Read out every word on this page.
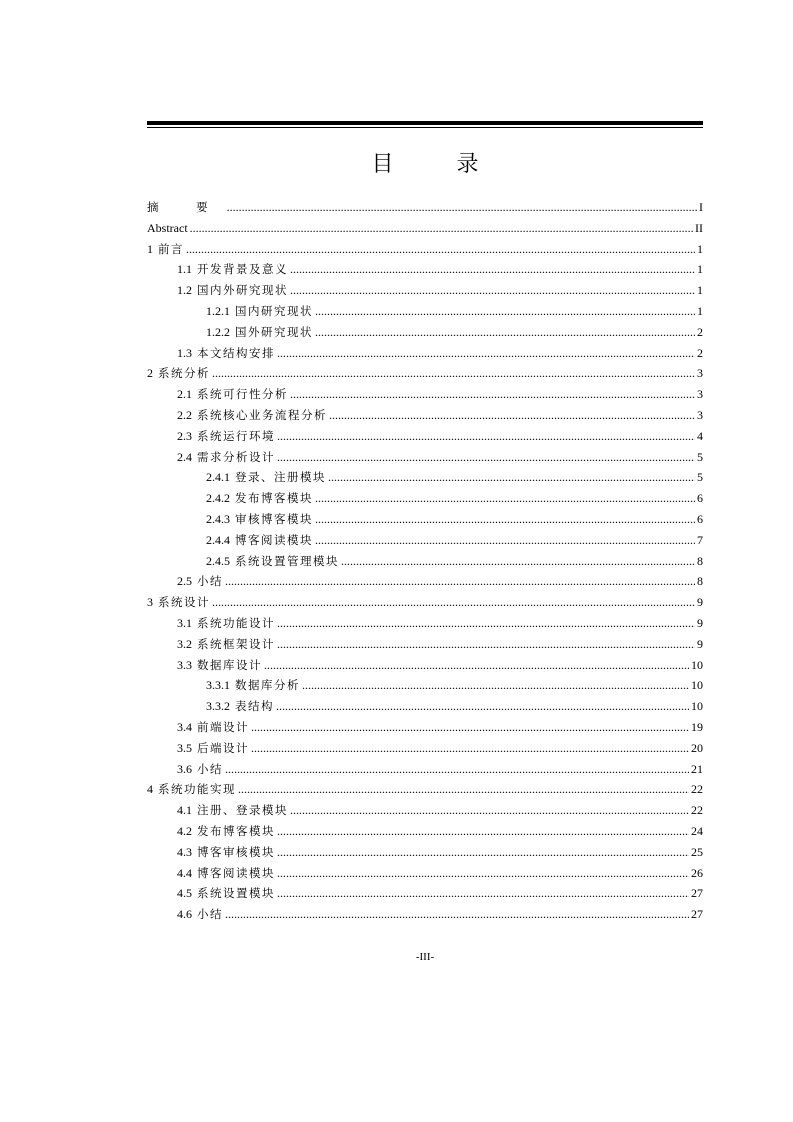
目 录
摘 要 .....	I
Abstract .....	II
1 前言 .....	1
1.1 开发背景及意义 .....	1
1.2 国内外研究现状 .....	1
1.2.1 国内研究现状 .....	1
1.2.2 国外研究现状 .....	2
1.3 本文结构安排 .....	2
2 系统分析 .....	3
2.1 系统可行性分析 .....	3
2.2 系统核心业务流程分析 .....	3
2.3 系统运行环境 .....	4
2.4 需求分析设计 .....	5
2.4.1 登录、注册模块 .....	5
2.4.2 发布博客模块 .....	6
2.4.3 审核博客模块 .....	6
2.4.4 博客阅读模块 .....	7
2.4.5 系统设置管理模块 .....	8
2.5 小结 .....	8
3 系统设计 .....	9
3.1 系统功能设计 .....	9
3.2 系统框架设计 .....	9
3.3 数据库设计 .....	10
3.3.1 数据库分析 .....	10
3.3.2 表结构 .....	10
3.4 前端设计 .....	19
3.5 后端设计 .....	20
3.6 小结 .....	21
4 系统功能实现 .....	22
4.1 注册、登录模块 .....	22
4.2 发布博客模块 .....	24
4.3 博客审核模块 .....	25
4.4 博客阅读模块 .....	26
4.5 系统设置模块 .....	27
4.6 小结 .....	27
-III-
